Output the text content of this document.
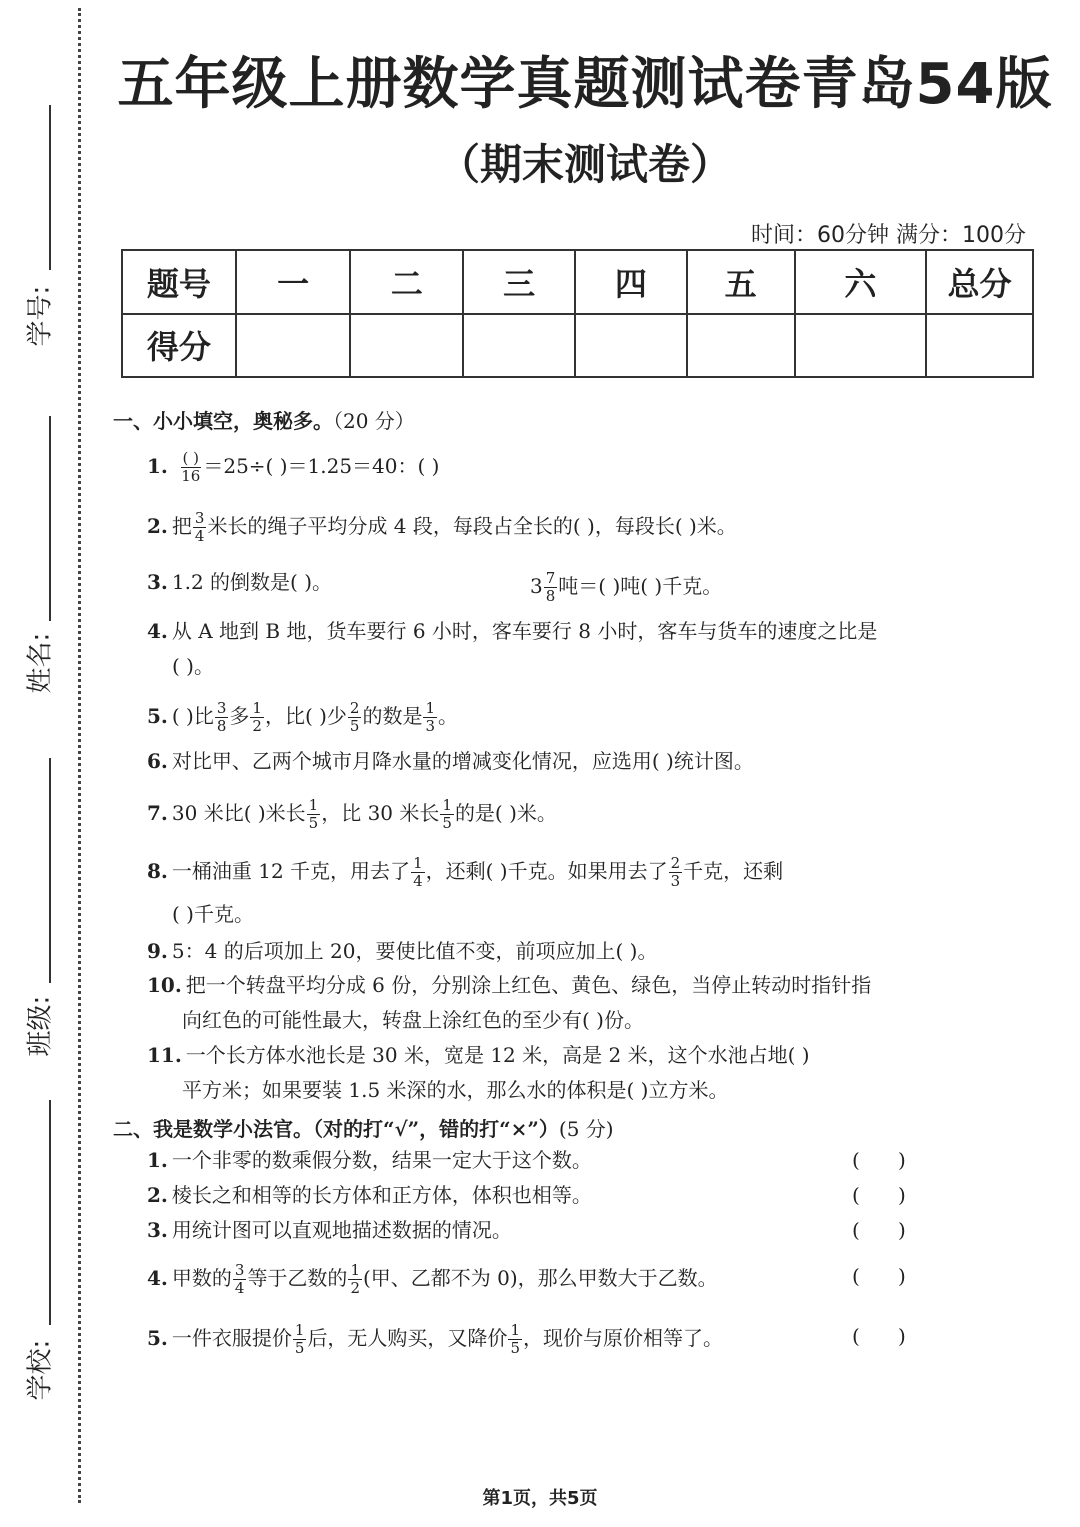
学号:
姓名:
班级:
学校:
五年级上册数学真题测试卷青岛54版
（期末测试卷）
时间：60分钟 满分：100分
题号	一	二	三	四	五	六	总分
得分							
一、小小填空，奥秘多。（20 分）
1. $\frac{( )}{16} =25\div$( )＝1.25＝40：( )
2. 把 $\frac{3}{4}$ 米长的绳子平均分成 4 段，每段占全长的( )，每段长( )米。
3. 1.2 的倒数是( )。	$3 \frac{7}{8}$ 吨＝( )吨( )千克。
4. 从 A 地到 B 地，货车要行 6 小时，客车要行 8 小时，客车与货车的速度之比是
( )。
5. ( )比 $\frac{3}{8}$ 多 $\frac{1}{2}$ ，比( )少 $\frac{2}{5}$ 的数是 $\frac{1}{3}$ 。
6. 对比甲、乙两个城市月降水量的增减变化情况，应选用( )统计图。
7. 30 米比( )米长 $\frac{1}{5}$ ，比 30 米长 $\frac{1}{5}$ 的是( )米。
8. 一桶油重 12 千克，用去了 $\frac{1}{4}$ ，还剩( )千克。如果用去了 $\frac{2}{3}$ 千克，还剩
( )千克。
9. 5：4 的后项加上 20，要使比值不变，前项应加上( )。
10. 把一个转盘平均分成 6 份，分别涂上红色、黄色、绿色，当停止转动时指针指
向红色的可能性最大，转盘上涂红色的至少有( )份。
11. 一个长方体水池长是 30 米，宽是 12 米，高是 2 米，这个水池占地( )
平方米；如果要装 1.5 米深的水，那么水的体积是( )立方米。
二、我是数学小法官。（对的打“√”，错的打“×”）(5 分)
1. 一个非零的数乘假分数，结果一定大于这个数。	(      )
2. 棱长之和相等的长方体和正方体，体积也相等。	(      )
3. 用统计图可以直观地描述数据的情况。	(      )
4. 甲数的 $\frac{3}{4}$ 等于乙数的 $\frac{1}{2}$ (甲、乙都不为 0)，那么甲数大于乙数。	(      )
5. 一件衣服提价 $\frac{1}{5}$ 后，无人购买，又降价 $\frac{1}{5}$ ，现价与原价相等了。	(      )
第1页，共5页
